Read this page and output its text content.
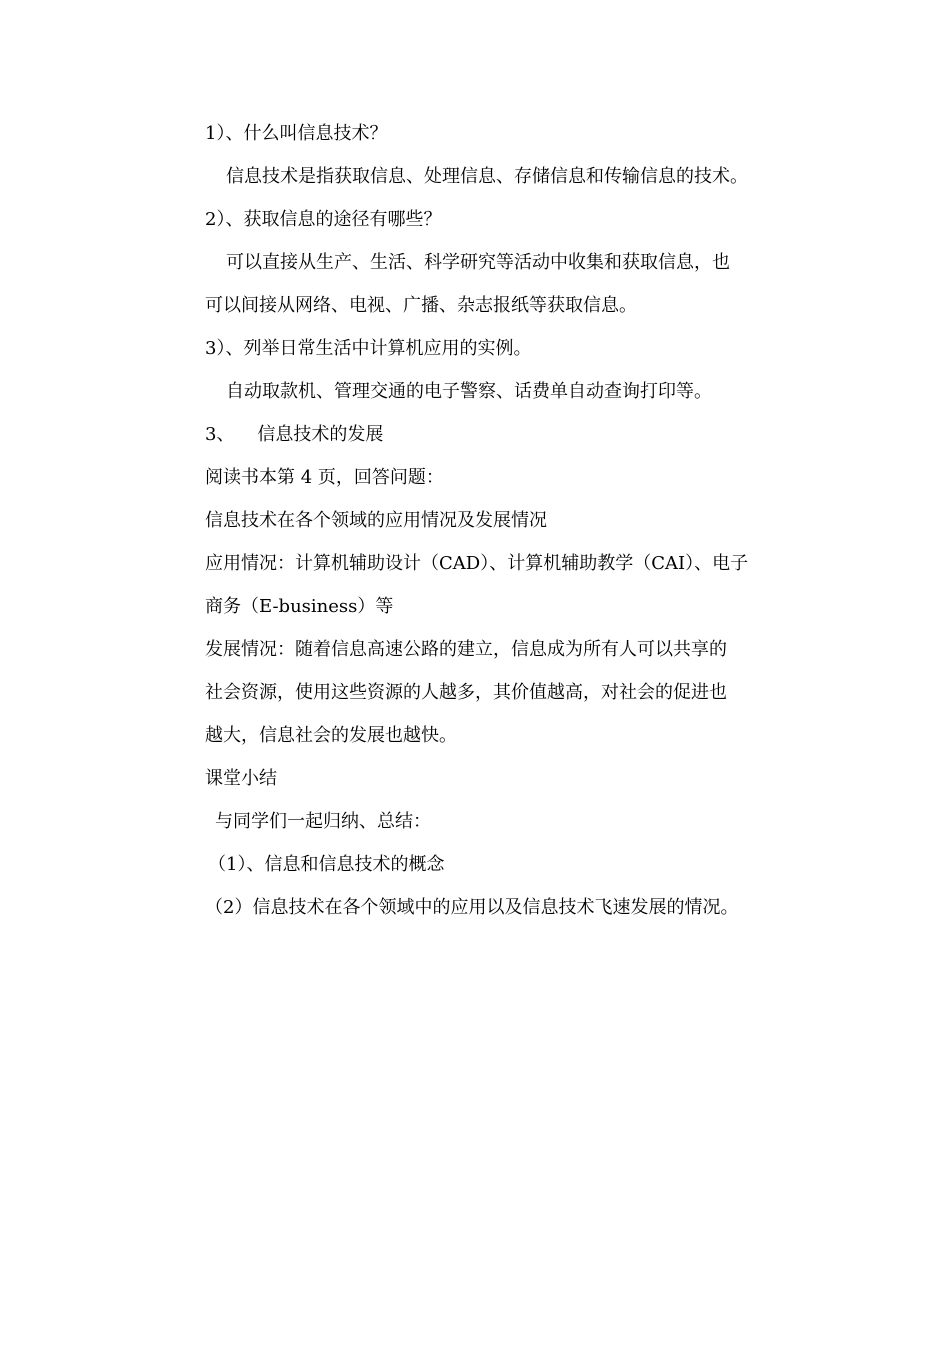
1）、什么叫信息技术？
信息技术是指获取信息、处理信息、存储信息和传输信息的技术。
2）、获取信息的途径有哪些？
可以直接从生产、生活、科学研究等活动中收集和获取信息，也
可以间接从网络、电视、广播、杂志报纸等获取信息。
3）、列举日常生活中计算机应用的实例。
自动取款机、管理交通的电子警察、话费单自动查询打印等。
3、    信息技术的发展
阅读书本第 4 页，回答问题：
信息技术在各个领域的应用情况及发展情况
应用情况：计算机辅助设计（CAD）、计算机辅助教学（CAI）、电子
商务（E-business）等
发展情况：随着信息高速公路的建立，信息成为所有人可以共享的
社会资源，使用这些资源的人越多，其价值越高，对社会的促进也
越大，信息社会的发展也越快。
课堂小结
与同学们一起归纳、总结：
（1）、信息和信息技术的概念
（2）信息技术在各个领域中的应用以及信息技术飞速发展的情况。
